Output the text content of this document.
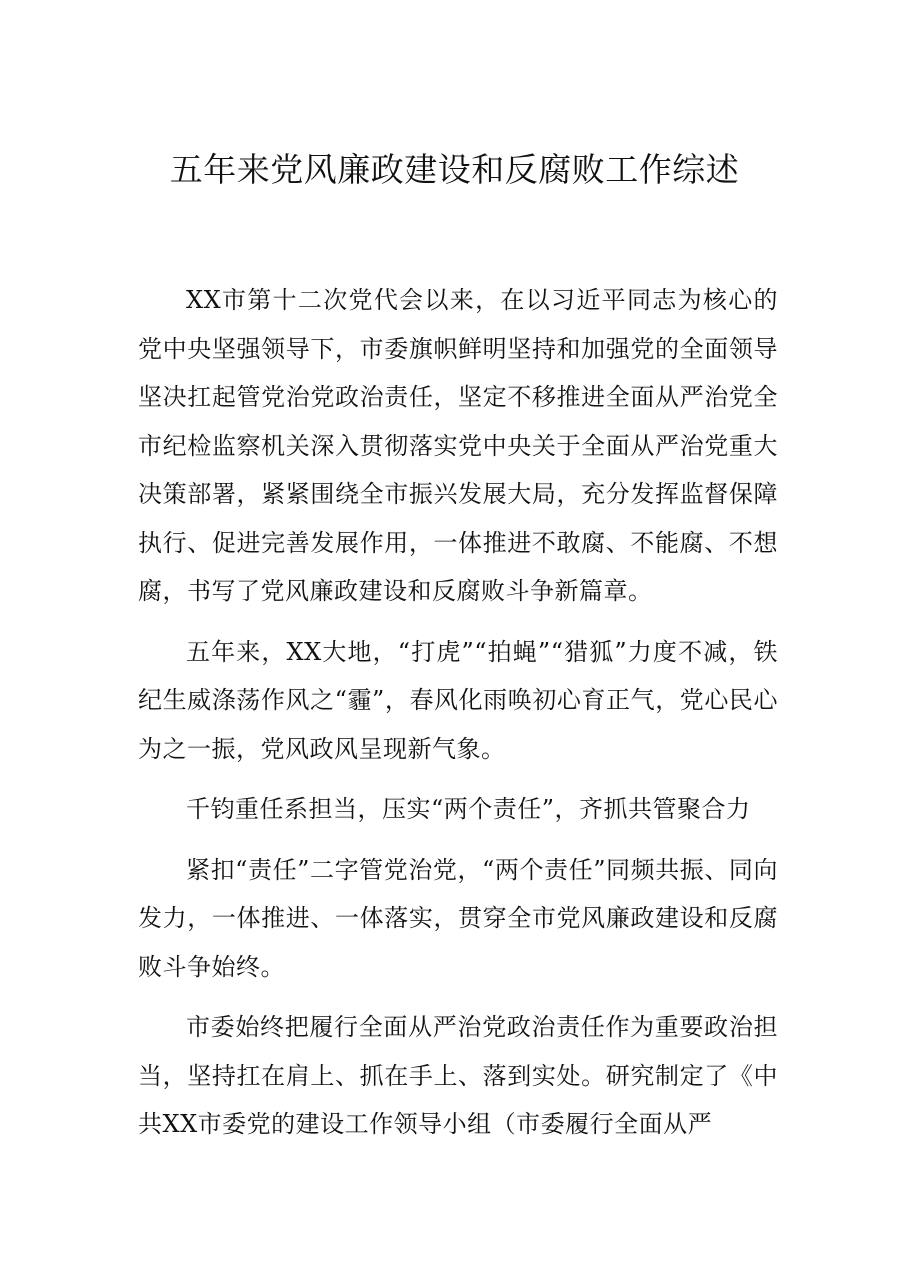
五年来党风廉政建设和反腐败工作综述

XX市第十二次党代会以来，在以习近平同志为核心的党中央坚强领导下，市委旗帜鲜明坚持和加强党的全面领导坚决扛起管党治党政治责任，坚定不移推进全面从严治党全市纪检监察机关深入贯彻落实党中央关于全面从严治党重大决策部署，紧紧围绕全市振兴发展大局，充分发挥监督保障执行、促进完善发展作用，一体推进不敢腐、不能腐、不想腐，书写了党风廉政建设和反腐败斗争新篇章。

五年来，XX大地，“打虎”“拍蝇”“猎狐”力度不减，铁纪生威涤荡作风之“霾”，春风化雨唤初心育正气，党心民心为之一振，党风政风呈现新气象。

千钧重任系担当，压实“两个责任”，齐抓共管聚合力

紧扣“责任”二字管党治党，“两个责任”同频共振、同向发力，一体推进、一体落实，贯穿全市党风廉政建设和反腐败斗争始终。

市委始终把履行全面从严治党政治责任作为重要政治担当，坚持扛在肩上、抓在手上、落到实处。研究制定了《中共XX市委党的建设工作领导小组（市委履行全面从严
